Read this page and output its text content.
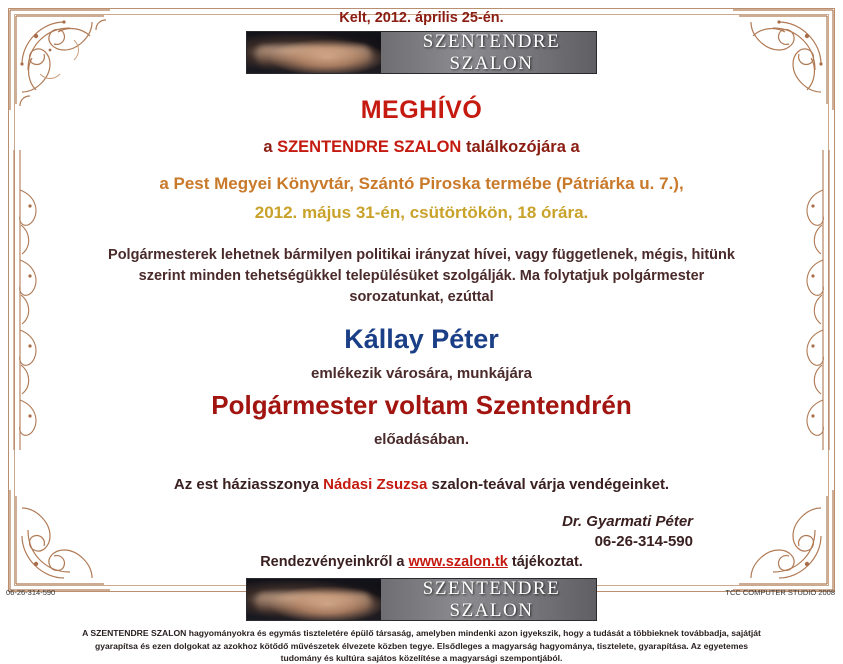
Kelt, 2012. április 25-én.
SZENTENDRE SZALON
MEGHÍVÓ
a SZENTENDRE SZALON találkozójára a
a Pest Megyei Könyvtár, Szántó Piroska termébe (Pátriárka u. 7.),
2012. május 31-én, csütörtökön, 18 órára.
Polgármesterek lehetnek bármilyen politikai irányzat hívei, vagy függetlenek, mégis, hitünk szerint minden tehetségükkel településüket szolgálják. Ma folytatjuk polgármester sorozatunkat, ezúttal
Kállay Péter
emlékezik városára, munkájára
Polgármester voltam Szentendrén
előadásában.
Az est háziasszonya Nádasi Zsuzsa szalon-teával várja vendégeinket.
Dr. Gyarmati Péter
06-26-314-590
Rendezvényeinkről a www.szalon.tk tájékoztat.
SZENTENDRE SZALON
A SZENTENDRE SZALON hagyományokra és egymás tiszteletére épülő társaság, amelyben mindenki azon igyekszik, hogy a tudását a többieknek továbbadja, sajátját gyarapítsa és ezen dolgokat az azokhoz kötődő művészetek élvezete közben tegye. Elsődleges a magyarság hagyománya, tisztelete, gyarapítása. Az egyetemes tudomány és kultúra sajátos közelítése a magyarsági szempontjából.
06-26-314-590	TCC COMPUTER STUDIO 2008
